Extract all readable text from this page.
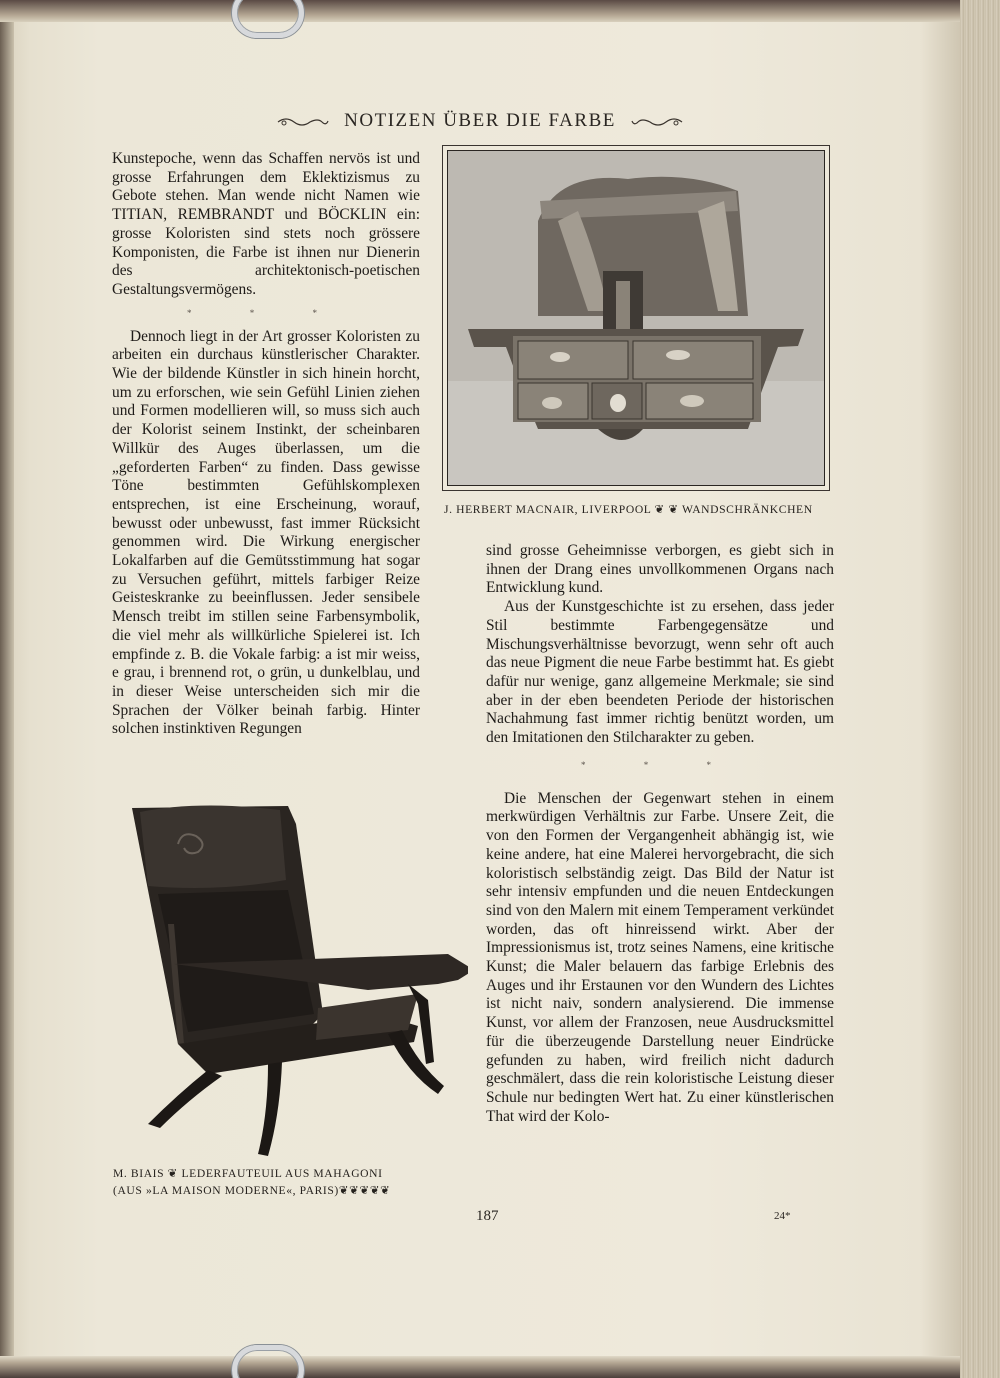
NOTIZEN ÜBER DIE FARBE

Kunstepoche, wenn das Schaffen nervös ist und grosse Erfahrungen dem Eklektizismus zu Gebote stehen. Man wende nicht Namen wie TITIAN, REMBRANDT und BÖCKLIN ein: grosse Koloristen sind stets noch grössere Komponisten, die Farbe ist ihnen nur Dienerin des architektonisch-poetischen Gestaltungsvermögens.

* * *

Dennoch liegt in der Art grosser Koloristen zu arbeiten ein durchaus künstlerischer Charakter. Wie der bildende Künstler in sich hinein horcht, um zu erforschen, wie sein Gefühl Linien ziehen und Formen modellieren will, so muss sich auch der Kolorist seinem Instinkt, der scheinbaren Willkür des Auges überlassen, um die „geforderten Farben“ zu finden. Dass gewisse Töne bestimmten Gefühlskomplexen entsprechen, ist eine Erscheinung, worauf, bewusst oder unbewusst, fast immer Rücksicht genommen wird. Die Wirkung energischer Lokalfarben auf die Gemütsstimmung hat sogar zu Versuchen geführt, mittels farbiger Reize Geisteskranke zu beeinflussen. Jeder sensibele Mensch treibt im stillen seine Farbensymbolik, die viel mehr als willkürliche Spielerei ist. Ich empfinde z. B. die Vokale farbig: a ist mir weiss, e grau, i brennend rot, o grün, u dunkelblau, und in dieser Weise unterscheiden sich mir die Sprachen der Völker beinah farbig. Hinter solchen instinktiven Regungen

J. HERBERT MACNAIR, LIVERPOOL ❦ ❦ WANDSCHRÄNKCHEN

sind grosse Geheimnisse verborgen, es giebt sich in ihnen der Drang eines unvollkommenen Organs nach Entwicklung kund.

Aus der Kunstgeschichte ist zu ersehen, dass jeder Stil bestimmte Farbengegensätze und Mischungsverhältnisse bevorzugt, wenn sehr oft auch das neue Pigment die neue Farbe bestimmt hat. Es giebt dafür nur wenige, ganz allgemeine Merkmale; sie sind aber in der eben beendeten Periode der historischen Nachahmung fast immer richtig benützt worden, um den Imitationen den Stilcharakter zu geben.

* * *

Die Menschen der Gegenwart stehen in einem merkwürdigen Verhältnis zur Farbe. Unsere Zeit, die von den Formen der Vergangenheit abhängig ist, wie keine andere, hat eine Malerei hervorgebracht, die sich koloristisch selbständig zeigt. Das Bild der Natur ist sehr intensiv empfunden und die neuen Entdeckungen sind von den Malern mit einem Temperament verkündet worden, das oft hinreissend wirkt. Aber der Impressionismus ist, trotz seines Namens, eine kritische Kunst; die Maler belauern das farbige Erlebnis des Auges und ihr Erstaunen vor den Wundern des Lichtes ist nicht naiv, sondern analysierend. Die immense Kunst, vor allem der Franzosen, neue Ausdrucksmittel für die überzeugende Darstellung neuer Eindrücke gefunden zu haben, wird freilich nicht dadurch geschmälert, dass die rein koloristische Leistung dieser Schule nur bedingten Wert hat. Zu einer künstlerischen That wird der Kolo-

M. BIAIS ❦ LEDERFAUTEUIL AUS MAHAGONI
(AUS »LA MAISON MODERNE«, PARIS)❦❦❦❦❦
187	24*
